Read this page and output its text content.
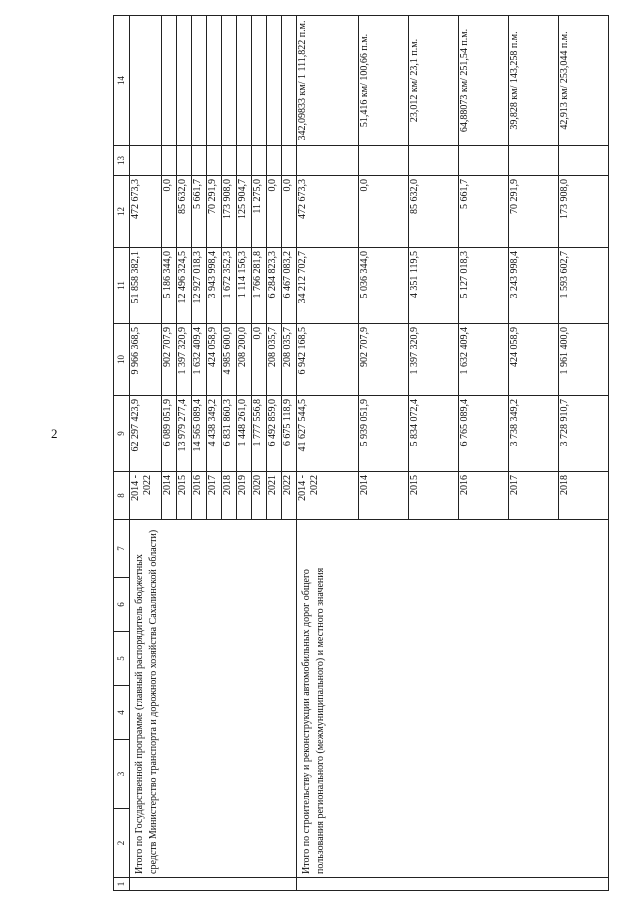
2
1	2	3	4	5	6	7	8	9	10	11	12	13	14
	Итого по Государственной программе (главный распорядитель бюджетных средств Министерство транспорта и дорожного хозяйства Сахалинской области)						2014 - 2022	62 297 423,9	9 966 368,5	51 858 382,1	472 673,3		
							2014	6 089 051,9	902 707,9	5 186 344,0	0,0		
							2015	13 979 277,4	1 397 320,9	12 496 324,5	85 632,0		
							2016	14 565 089,4	1 632 409,4	12 927 018,3	5 661,7		
							2017	4 438 349,2	424 058,9	3 943 998,4	70 291,9		
							2018	6 831 860,3	4 985 600,0	1 672 352,3	173 908,0		
							2019	1 448 261,0	208 200,0	1 114 156,3	125 904,7		
							2020	1 777 556,8	0,0	1 766 281,8	11 275,0		
							2021	6 492 859,0	208 035,7	6 284 823,3	0,0		
							2022	6 675 118,9	208 035,7	6 467 083,2	0,0		
	Итого по строительству и реконструкции автомобильных дорог общего пользования регионального (межмуниципального) и местного значения						2014 - 2022	41 627 544,5	6 942 168,5	34 212 702,7	472 673,3		342,09833 км/ 1 111,822 п.м.
							2014	5 939 051,9	902 707,9	5 036 344,0	0,0		51,416 км/ 100,66 п.м.
							2015	5 834 072,4	1 397 320,9	4 351 119,5	85 632,0		23,012 км/ 23,1 п.м.
							2016	6 765 089,4	1 632 409,4	5 127 018,3	5 661,7		64,88073 км/ 251,54 п.м.
							2017	3 738 349,2	424 058,9	3 243 998,4	70 291,9		39,828 км/ 143,258 п.м.
							2018	3 728 910,7	1 961 400,0	1 593 602,7	173 908,0		42,913 км/ 253,044 п.м.
